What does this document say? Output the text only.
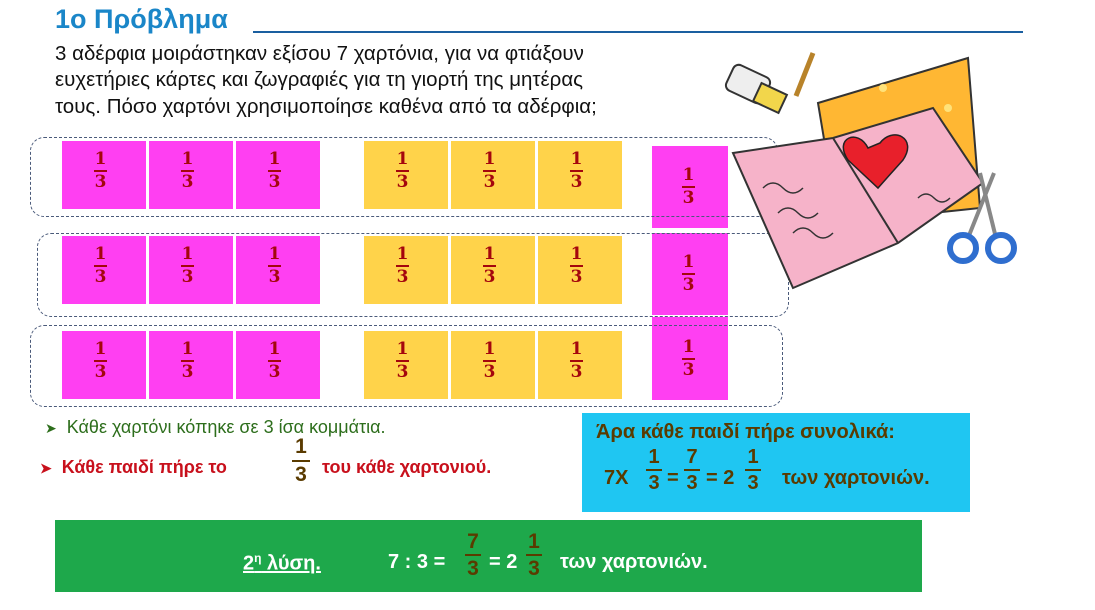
1ο Πρόβλημα
3 αδέρφια μοιράστηκαν εξίσου 7 χαρτόνια, για να φτιάξουν
ευχετήριες κάρτες και ζωγραφιές για τη γιορτή της μητέρας
τους. Πόσο χαρτόνι χρησιμοποίησε καθένα από τα αδέρφια;
1
3
1
3
1
3
1
3
1
3
1
3	1
3
1
3
1
3
1
3
1
3
1
3
1
3
1
3
1
3
1
3
1
3
1
3
1
3
1
3
1
3
➤ Κάθε χαρτόνι κόπηκε σε 3 ίσα κομμάτια.
➤ Κάθε παιδί πήρε το
1
3 του κάθε χαρτονιού.
Άρα κάθε παιδί πήρε συνολικά:
7Χ
1
3 =
7
3 = 2
1
3 των χαρτονιών.
$2^\eta$ λύση.	7 : 3 =
7
3 = 2
1
3 των χαρτονιών.
